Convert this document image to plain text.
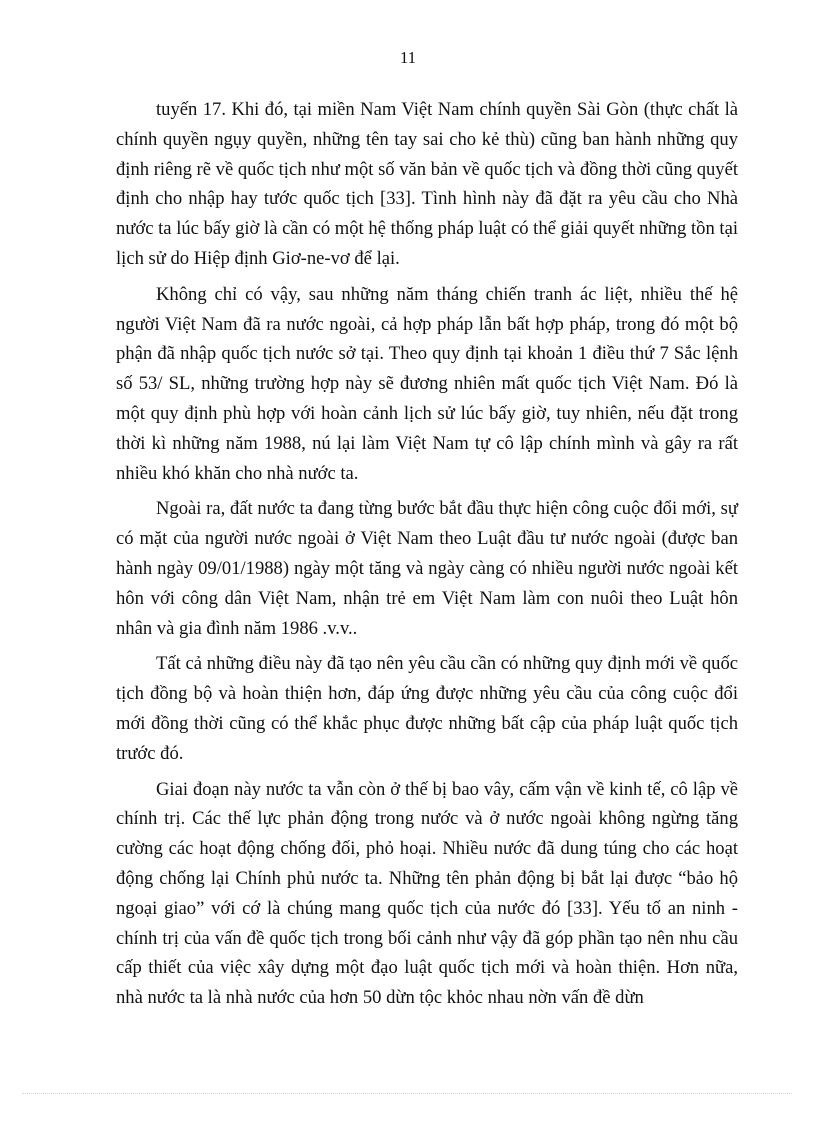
11

tuyến 17. Khi đó, tại miền Nam Việt Nam chính quyền Sài Gòn (thực chất là chính quyền ngụy quyền, những tên tay sai cho kẻ thù) cũng ban hành những quy định riêng rẽ về quốc tịch như một số văn bản về quốc tịch và đồng thời cũng quyết định cho nhập hay tước quốc tịch [33]. Tình hình này đã đặt ra yêu cầu cho Nhà nước ta lúc bấy giờ là cần có một hệ thống pháp luật có thể giải quyết những tồn tại lịch sử do Hiệp định Giơ-ne-vơ để lại.

Không chỉ có vậy, sau những năm tháng chiến tranh ác liệt, nhiều thế hệ người Việt Nam đã ra nước ngoài, cả hợp pháp lẫn bất hợp pháp, trong đó một bộ phận đã nhập quốc tịch nước sở tại. Theo quy định tại khoản 1 điều thứ 7 Sắc lệnh số 53/ SL, những trường hợp này sẽ đương nhiên mất quốc tịch Việt Nam. Đó là một quy định phù hợp với hoàn cảnh lịch sử lúc bấy giờ, tuy nhiên, nếu đặt trong thời kì những năm 1988, nú lại làm Việt Nam tự cô lập chính mình và gây ra rất nhiều khó khăn cho nhà nước ta.

Ngoài ra, đất nước ta đang từng bước bắt đầu thực hiện công cuộc đổi mới, sự có mặt của người nước ngoài ở Việt Nam theo Luật đầu tư nước ngoài (được ban hành ngày 09/01/1988) ngày một tăng và ngày càng có nhiều người nước ngoài kết hôn với công dân Việt Nam, nhận trẻ em Việt Nam làm con nuôi theo Luật hôn nhân và gia đình năm 1986 .v.v..

Tất cả những điều này đã tạo nên yêu cầu cần có những quy định mới về quốc tịch đồng bộ và hoàn thiện hơn, đáp ứng được những yêu cầu của công cuộc đổi mới đồng thời cũng có thể khắc phục được những bất cập của pháp luật quốc tịch trước đó.

Giai đoạn này nước ta vẫn còn ở thế bị bao vây, cấm vận về kinh tế, cô lập về chính trị. Các thế lực phản động trong nước và ở nước ngoài không ngừng tăng cường các hoạt động chống đối, phỏ hoại. Nhiều nước đã dung túng cho các hoạt động chống lại Chính phủ nước ta. Những tên phản động bị bắt lại được “bảo hộ ngoại giao” với cớ là chúng mang quốc tịch của nước đó [33]. Yếu tố an ninh - chính trị của vấn đề quốc tịch trong bối cảnh như vậy đã góp phần tạo nên nhu cầu cấp thiết của việc xây dựng một đạo luật quốc tịch mới và hoàn thiện. Hơn nữa, nhà nước ta là nhà nước của hơn 50 dừn tộc khỏc nhau nờn vấn đề dừn
